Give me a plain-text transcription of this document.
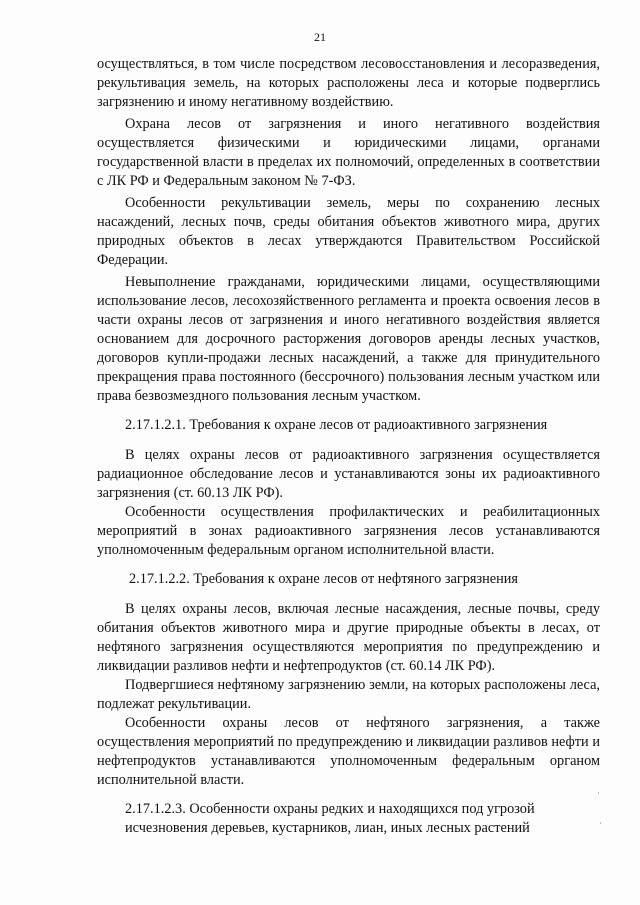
21

осуществляться, в том числе посредством лесовосстановления и лесоразведения, рекультивация земель, на которых расположены леса и которые подверглись загрязнению и иному негативному воздействию.

Охрана лесов от загрязнения и иного негативного воздействия осуществляется физическими и юридическими лицами, органами государственной власти в пределах их полномочий, определенных в соответствии с ЛК РФ и Федеральным законом № 7-ФЗ.

Особенности рекультивации земель, меры по сохранению лесных насаждений, лесных почв, среды обитания объектов животного мира, других природных объектов в лесах утверждаются Правительством Российской Федерации.

Невыполнение гражданами, юридическими лицами, осуществляющими использование лесов, лесохозяйственного регламента и проекта освоения лесов в части охраны лесов от загрязнения и иного негативного воздействия является основанием для досрочного расторжения договоров аренды лесных участков, договоров купли-продажи лесных насаждений, а также для принудительного прекращения права постоянного (бессрочного) пользования лесным участком или права безвозмездного пользования лесным участком.

2.17.1.2.1. Требования к охране лесов от радиоактивного загрязнения

В целях охраны лесов от радиоактивного загрязнения осуществляется радиационное обследование лесов и устанавливаются зоны их радиоактивного загрязнения (ст. 60.13 ЛК РФ).

Особенности осуществления профилактических и реабилитационных мероприятий в зонах радиоактивного загрязнения лесов устанавливаются уполномоченным федеральным органом исполнительной власти.

2.17.1.2.2. Требования к охране лесов от нефтяного загрязнения

В целях охраны лесов, включая лесные насаждения, лесные почвы, среду обитания объектов животного мира и другие природные объекты в лесах, от нефтяного загрязнения осуществляются мероприятия по предупреждению и ликвидации разливов нефти и нефтепродуктов (ст. 60.14 ЛК РФ).

Подвергшиеся нефтяному загрязнению земли, на которых расположены леса, подлежат рекультивации.

Особенности охраны лесов от нефтяного загрязнения, а также осуществления мероприятий по предупреждению и ликвидации разливов нефти и нефтепродуктов устанавливаются уполномоченным федеральным органом исполнительной власти.

2.17.1.2.3. Особенности охраны редких и находящихся под угрозой
исчезновения деревьев, кустарников, лиан, иных лесных растений
